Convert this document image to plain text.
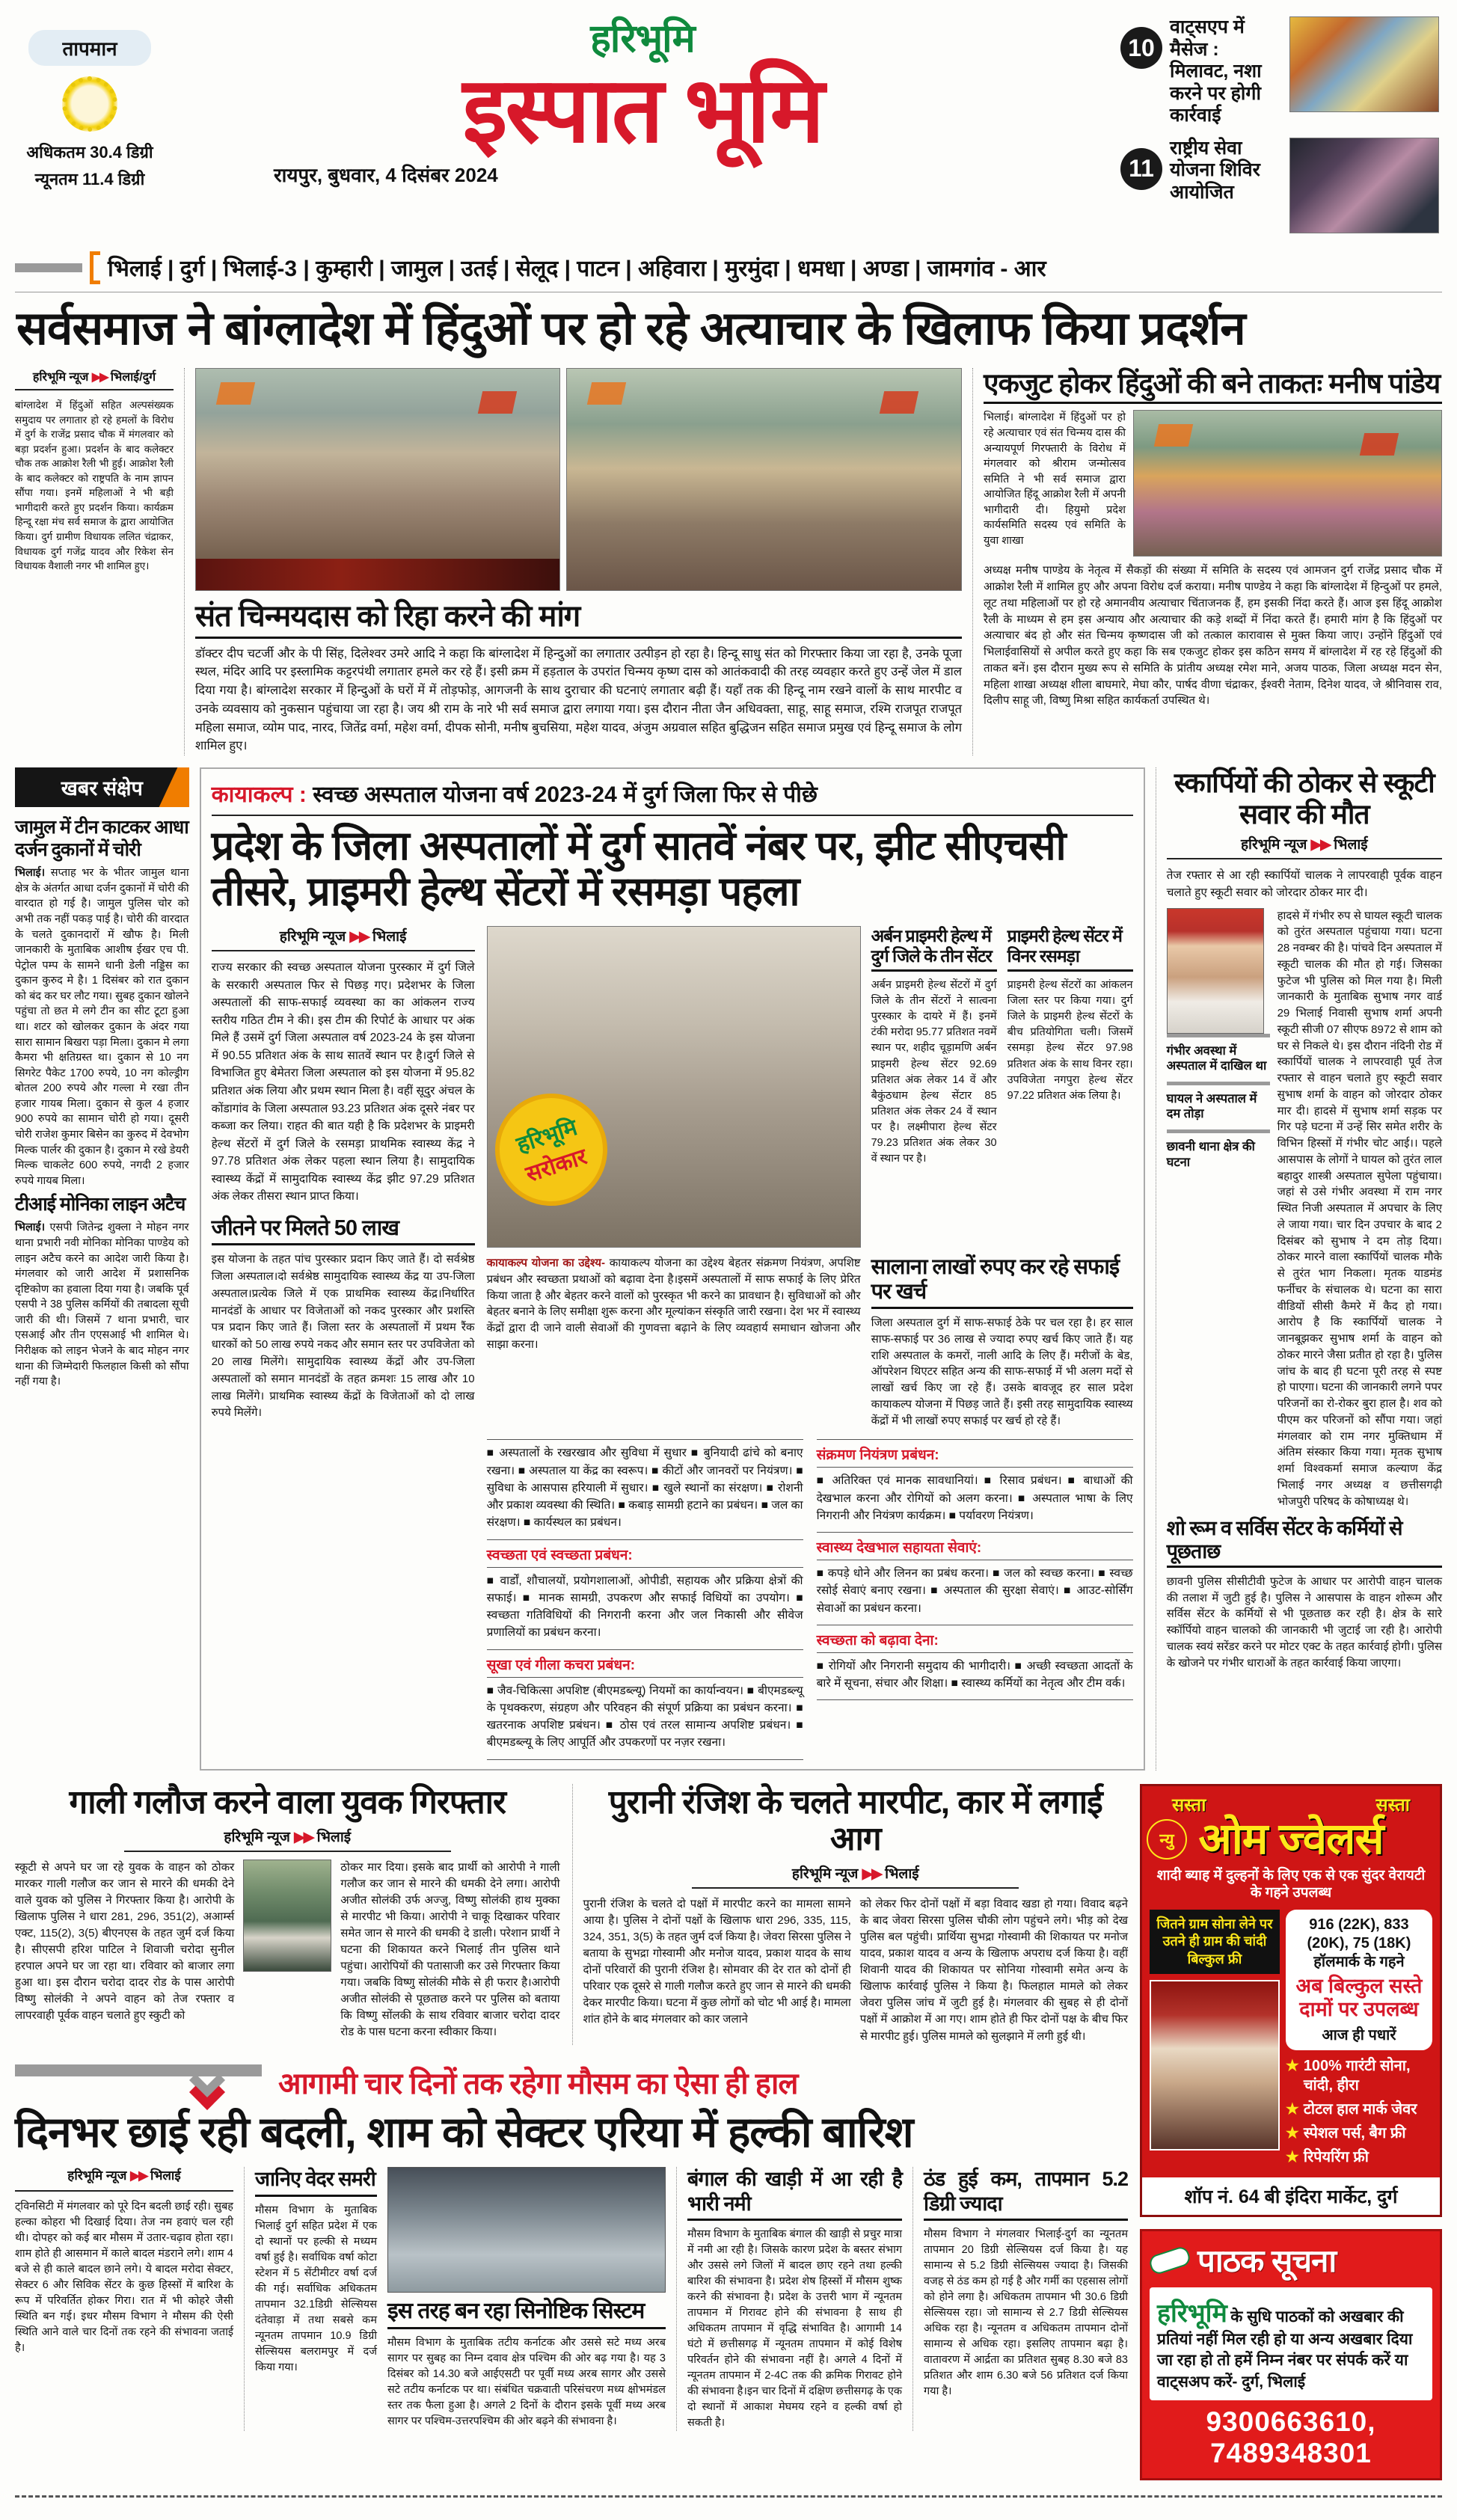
तापमान
अधिकतम 30.4 डिग्री
न्यूनतम 11.4 डिग्री
हरिभूमि
इस्पात भूमि
रायपुर, बुधवार, 4 दिसंबर 2024
10
वाट्सएप में मैसेज : मिलावट, नशा करने पर होगी कार्रवाई
11
राष्ट्रीय सेवा योजना शिविर आयोजित
भिलाई | दुर्ग | भिलाई-3 | कुम्हारी | जामुल | उतई | सेलूद | पाटन | अहिवारा | मुरमुंदा | धमधा | अण्डा | जामगांव - आर
सर्वसमाज ने बांग्लादेश में हिंदुओं पर हो रहे अत्याचार के खिलाफ किया प्रदर्शन
हरिभूमि न्यूज ▶▶ भिलाई/दुर्ग

बांग्लादेश में हिंदुओं सहित अल्पसंख्यक समुदाय पर लगातार हो रहे हमलों के विरोध में दुर्ग के राजेंद्र प्रसाद चौक में मंगलवार को बड़ा प्रदर्शन हुआ। प्रदर्शन के बाद कलेक्टर चौक तक आक्रोश रैली भी हुई। आक्रोश रैली के बाद कलेक्टर को राष्ट्रपति के नाम ज्ञापन सौंपा गया। इनमें महिलाओं ने भी बड़ी भागीदारी करते हुए प्रदर्शन किया। कार्यक्रम हिन्दू रक्षा मंच सर्व समाज के द्वारा आयोजित किया। दुर्ग ग्रामीण विधायक ललित चंद्राकर, विधायक दुर्ग गजेंद्र यादव और रिकेश सेन विधायक वैशाली नगर भी शामिल हुए।

संत चिन्मयदास को रिहा करने की मांग

डॉक्टर दीप चटर्जी और के पी सिंह, दिलेश्वर उमरे आदि ने कहा कि बांग्लादेश में हिन्दुओं का लगातार उत्पीड़न हो रहा है। हिन्दू साधु संत को गिरफ्तार किया जा रहा है, उनके पूजा स्थल, मंदिर आदि पर इस्लामिक कट्टरपंथी लगातार हमले कर रहे हैं। इसी क्रम में हड़ताल के उपरांत चिन्मय कृष्ण दास को आतंकवादी की तरह व्यवहार करते हुए उन्हें जेल में डाल दिया गया है। बांग्लादेश सरकार में हिन्दुओं के घरों में में तोड़फोड़, आगजनी के साथ दुराचार की घटनाएं लगातार बढ़ी हैं। यहाँ तक की हिन्दू नाम रखने वालों के साथ मारपीट व उनके व्यवसाय को नुकसान पहुंचाया जा रहा है। जय श्री राम के नारे भी सर्व समाज द्वारा लगाया गया। इस दौरान नीता जैन अधिवक्ता, साहू, साहू समाज, रश्मि राजपूत राजपूत महिला समाज, व्योम पाद, नारद, जितेंद्र वर्मा, महेश वर्मा, दीपक सोनी, मनीष बुचसिया, महेश यादव, अंजुम अग्रवाल सहित बुद्धिजन सहित समाज प्रमुख एवं हिन्दू समाज के लोग शामिल हुए।

एकजुट होकर हिंदुओं की बने ताकतः मनीष पांडेय

भिलाई। बांग्लादेश में हिंदुओं पर हो रहे अत्याचार एवं संत चिन्मय दास की अन्यायपूर्ण गिरफ्तारी के विरोध में मंगलवार को श्रीराम जन्मोत्सव समिति ने भी सर्व समाज द्वारा आयोजित हिंदू आक्रोश रैली में अपनी भागीदारी दी। हियुमो प्रदेश कार्यसमिति सदस्य एवं समिति के युवा शाखा

अध्यक्ष मनीष पाण्डेय के नेतृत्व में सैकड़ों की संख्या में समिति के सदस्य एवं आमजन दुर्ग राजेंद्र प्रसाद चौक में आक्रोश रैली में शामिल हुए और अपना विरोध दर्ज कराया। मनीष पाण्डेय ने कहा कि बांग्लादेश में हिन्दुओं पर हमले, लूट तथा महिलाओं पर हो रहे अमानवीय अत्याचार चिंताजनक हैं, हम इसकी निंदा करते हैं। आज इस हिंदू आक्रोश रैली के माध्यम से हम इस अन्याय और अत्याचार की कड़े शब्दों में निंदा करते हैं। हमारी मांग है कि हिंदुओं पर अत्याचार बंद हो और संत चिन्मय कृष्णदास जी को तत्काल कारावास से मुक्त किया जाए। उन्होंने हिंदुओं एवं भिलाईवासियों से अपील करते हुए कहा कि सब एकजुट होकर इस कठिन समय में बांग्लादेश में रह रहे हिंदुओं की ताकत बनें। इस दौरान मुख्य रूप से समिति के प्रांतीय अध्यक्ष रमेश माने, अजय पाठक, जिला अध्यक्ष मदन सेन, महिला शाखा अध्यक्ष शीला बाघमारे, मेघा कौर, पार्षद वीणा चंद्राकर, ईश्वरी नेताम, दिनेश यादव, जे श्रीनिवास राव, दिलीप साहू जी, विष्णु मिश्रा सहित कार्यकर्ता उपस्थित थे।

खबर संक्षेप
जामुल में टीन काटकर आधा दर्जन दुकानों में चोरी

भिलाई। सप्ताह भर के भीतर जामुल थाना क्षेत्र के अंतर्गत आधा दर्जन दुकानों में चोरी की वारदात हो गई है। जामुल पुलिस चोर को अभी तक नहीं पकड़ पाई है। चोरी की वारदात के चलते दुकानदारों में खौफ है। मिली जानकारी के मुताबिक आशीष ईखर एच पी. पेट्रोल पम्प के सामने धानी डेली नड्डिस का दुकान कुरुद मे है। 1 दिसंबर को रात दुकान को बंद कर घर लौट गया। सुबह दुकान खोलने पहुंचा तो छत मे लगे टीन का सीट टूटा हुआ था। शटर को खोलकर दुकान के अंदर गया सारा सामान बिखरा पड़ा मिला। दुकान मे लगा कैमरा भी क्षतिग्रस्त था। दुकान से 10 नग सिगरेट पैकेट 1700 रुपये, 10 नग कोल्ड्रीग बोतल 200 रुपये और गल्ला मे रखा तीन हजार गायब मिला। दुकान से कुल 4 हजार 900 रुपये का सामान चोरी हो गया। दूसरी चोरी राजेश कुमार बिसेन का कुरुद में देवभोग मिल्क पार्लर की दुकान है। दुकान मे रखे डेयरी मिल्क चाकलेट 600 रुपये, नगदी 2 हजार रुपये गायब मिला।

टीआई मोनिका लाइन अटैच

भिलाई। एसपी जितेन्द्र शुक्ला ने मोहन नगर थाना प्रभारी नवी मोनिका मोनिका पाण्डेय को लाइन अटैच करने का आदेश जारी किया है। मंगलवार को जारी आदेश में प्रशासनिक दृष्टिकोण का हवाला दिया गया है। जबकि पूर्व एसपी ने 38 पुलिस कर्मियों की तबादला सूची जारी की थी। जिसमें 7 थाना प्रभारी, चार एसआई और तीन एएसआई भी शामिल थे। निरीक्षक को लाइन भेजने के बाद मोहन नगर थाना की जिम्मेदारी फिलहाल किसी को सौंपा नहीं गया है।

कायाकल्प : स्वच्छ अस्पताल योजना वर्ष 2023-24 में दुर्ग जिला फिर से पीछे
प्रदेश के जिला अस्पतालों में दुर्ग सातवें नंबर पर, झीट सीएचसी तीसरे, प्राइमरी हेल्थ सेंटरों में रसमड़ा पहला
हरिभूमि न्यूज ▶▶ भिलाई

राज्य सरकार की स्वच्छ अस्पताल योजना पुरस्कार में दुर्ग जिले के सरकारी अस्पताल फिर से पिछड़ गए। प्रदेशभर के जिला अस्पतालों की साफ-सफाई व्यवस्था का का आंकलन राज्य स्तरीय गठित टीम ने की। इस टीम की रिपोर्ट के आधार पर अंक मिले हैं उसमें दुर्ग जिला अस्पताल वर्ष 2023-24 के इस योजना में 90.55 प्रतिशत अंक के साथ सातवें स्थान पर है।दुर्ग जिले से विभाजित हुए बेमेतरा जिला अस्पताल को इस योजना में 95.82 प्रतिशत अंक लिया और प्रथम स्थान मिला है। वहीं सूदुर अंचल के कोंडागांव के जिला अस्पताल 93.23 प्रतिशत अंक दूसरे नंबर पर कब्जा कर लिया। राहत की बात यही है कि प्रदेशभर के प्राइमरी हेल्थ सेंटरों में दुर्ग जिले के रसमड़ा प्राथमिक स्वास्थ्य केंद्र ने 97.78 प्रतिशत अंक लेकर पहला स्थान लिया है। सामुदायिक स्वास्थ्य केंद्रों में सामुदायिक स्वास्थ्य केंद्र झीट 97.29 प्रतिशत अंक लेकर तीसरा स्थान प्राप्त किया।

जीतने पर मिलते 50 लाख

इस योजना के तहत पांच पुरस्कार प्रदान किए जाते हैं। दो सर्वश्रेष्ठ जिला अस्पताल।दो सर्वश्रेष्ठ सामुदायिक स्वास्थ्य केंद्र या उप-जिला अस्पताल।प्रत्येक जिले में एक प्राथमिक स्वास्थ्य केंद्र।निर्धारित मानदंडों के आधार पर विजेताओं को नकद पुरस्कार और प्रशस्ति पत्र प्रदान किए जाते हैं। जिला स्तर के अस्पतालों में प्रथम रैंक धारकों को 50 लाख रुपये नकद और समान स्तर पर उपविजेता को 20 लाख मिलेंगे। सामुदायिक स्वास्थ्य केंद्रों और उप-जिला अस्पतालों को समान मानदंडों के तहत क्रमशः 15 लाख और 10 लाख मिलेंगे। प्राथमिक स्वास्थ्य केंद्रों के विजेताओं को दो लाख रुपये मिलेंगे।

हरिभूमि
सरोकार
अर्बन प्राइमरी हेल्थ में दुर्ग जिले के तीन सेंटर

अर्बन प्राइमरी हेल्थ सेंटरों में दुर्ग जिले के तीन सेंटरों ने सात्वना पुरस्कार के दायरे में हैं। इनमें टंकी मरोदा 95.77 प्रतिशत नवमें स्थान पर, शहीद चूड़ामणि अर्बन प्राइमरी हेल्थ सेंटर 92.69 प्रतिशत अंक लेकर 14 वें और बैकुंठधाम हेल्थ सेंटार 85 प्रतिशत अंक लेकर 24 वें स्थान पर है। लक्ष्मीपारा हेल्थ सेंटर 79.23 प्रतिशत अंक लेकर 30 वें स्थान पर है।

प्राइमरी हेल्थ सेंटर में विनर रसमड़ा

प्राइमरी हेल्थ सेंटरों का आंकलन जिला स्तर पर किया गया। दुर्ग जिले के प्राइमरी हेल्थ सेंटरों के बीच प्रतियोगिता चली। जिसमें रसमड़ा हेल्थ सेंटर 97.98 प्रतिशत अंक के साथ विनर रहा। उपविजेता नगपुरा हेल्थ सेंटर 97.22 प्रतिशत अंक लिया है।

कायाकल्प योजना का उद्देश्य- कायाकल्प योजना का उद्देश्य बेहतर संक्रमण नियंत्रण, अपशिष्ट प्रबंधन और स्वच्छता प्रथाओं को बढ़ावा देना है।इसमें अस्पतालों में साफ सफाई के लिए प्रेरित किया जाता है और बेहतर करने वालों को पुरस्कृत भी करने का प्रावधान है। सुविधाओं को और बेहतर बनाने के लिए समीक्षा शुरू करना और मूल्यांकन संस्कृति जारी रखना। देश भर में स्वास्थ्य केंद्रों द्वारा दी जाने वाली सेवाओं की गुणवत्ता बढ़ाने के लिए व्यवहार्य समाधान खोजना और साझा करना।

सालाना लाखों रुपए कर रहे सफाई पर खर्च

जिला अस्पताल दुर्ग में साफ-सफाई ठेके पर चल रहा है। हर साल साफ-सफाई पर 36 लाख से ज्यादा रुपए खर्च किए जाते हैं। यह राशि अस्पताल के कमरों, नाली आदि के लिए हैं। मरीजों के बेड, ऑपरेशन थिएटर सहित अन्य की साफ-सफाई में भी अलग मदों से लाखों खर्च किए जा रहे हैं। उसके बावजूद हर साल प्रदेश कायाकल्प योजना में पिछड़ जाते हैं। इसी तरह सामुदायिक स्वास्थ्य केंद्रों में भी लाखों रुपए सफाई पर खर्च हो रहे हैं।

■ अस्पतालों के रखरखाव और सुविधा में सुधार ■ बुनियादी ढांचे को बनाए रखना। ■ अस्पताल या केंद्र का स्वरूप। ■ कीटों और जानवरों पर नियंत्रण। ■ सुविधा के आसपास हरियाली में सुधार। ■ खुले स्थानों का संरक्षण। ■ रोशनी और प्रकाश व्यवस्था की स्थिति। ■ कबाड़ सामग्री हटाने का प्रबंधन। ■ जल का संरक्षण। ■ कार्यस्थल का प्रबंधन।

स्वच्छता एवं स्वच्छता प्रबंधन:

■ वार्डों, शौचालयों, प्रयोगशालाओं, ओपीडी, सहायक और प्रक्रिया क्षेत्रों की सफाई। ■ मानक सामग्री, उपकरण और सफाई विधियों का उपयोग। ■ स्वच्छता गतिविधियों की निगरानी करना और जल निकासी और सीवेज प्रणालियों का प्रबंधन करना।

सूखा एवं गीला कचरा प्रबंधन:

■ जैव-चिकित्सा अपशिष्ट (बीएमडब्ल्यू) नियमों का कार्यान्वयन। ■ बीएमडब्ल्यू के पृथक्करण, संग्रहण और परिवहन की संपूर्ण प्रक्रिया का प्रबंधन करना। ■ खतरनाक अपशिष्ट प्रबंधन। ■ ठोस एवं तरल सामान्य अपशिष्ट प्रबंधन। ■ बीएमडब्ल्यू के लिए आपूर्ति और उपकरणों पर नज़र रखना।

संक्रमण नियंत्रण प्रबंधन:

■ अतिरिक्त एवं मानक सावधानियां। ■ रिसाव प्रबंधन। ■ बाधाओं की देखभाल करना और रोगियों को अलग करना। ■ अस्पताल भाषा के लिए निगरानी और नियंत्रण कार्यक्रम। ■ पर्यावरण नियंत्रण।

स्वास्थ्य देखभाल सहायता सेवाएं:

■ कपड़े धोने और लिनन का प्रबंध करना। ■ जल को स्वच्छ करना। ■ स्वच्छ रसोई सेवाएं बनाए रखना। ■ अस्पताल की सुरक्षा सेवाएं। ■ आउट-सोर्सिंग सेवाओं का प्रबंधन करना।

स्वच्छता को बढ़ावा देना:

■ रोगियों और निगरानी समुदाय की भागीदारी। ■ अच्छी स्वच्छता आदतों के बारे में सूचना, संचार और शिक्षा। ■ स्वास्थ्य कर्मियों का नेतृत्व और टीम वर्क।

स्कार्पियों की ठोकर से स्कूटी सवार की मौत
हरिभूमि न्यूज ▶▶ भिलाई

तेज रफ्तार से आ रही स्कार्पियों चालक ने लापरवाही पूर्वक वाहन चलाते हुए स्कूटी सवार को जोरदार ठोकर मार दी।

गंभीर अवस्था में अस्पताल में दाखिल था
घायल ने अस्पताल में दम तोड़ा
छावनी थाना क्षेत्र की घटना

हादसे में गंभीर रुप से घायल स्कूटी चालक को तुरंत अस्पताल पहुंचाया गया। घटना 28 नवम्बर की है। पांचवे दिन अस्पताल में स्कूटी चालक की मौत हो गई। जिसका फुटेज भी पुलिस को मिल गया है। मिली जानकारी के मुताबिक सुभाष नगर वार्ड 29 भिलाई निवासी सुभाष शर्मा अपनी स्कूटी सीजी 07 सीएफ 8972 से शाम को घर से निकले थे। इस दौरान नंदिनी रोड में स्कार्पियों चालक ने लापरवाही पूर्व तेज रफ्तार से वाहन चलाते हुए स्कूटी सवार सुभाष शर्मा के वाहन को जोरदार ठोकर मार दी। हादसे में सुभाष शर्मा सड़क पर गिर पड़े घटना में उन्हें सिर समेत शरीर के विभिन हिस्सों में गंभीर चोट आई।। पहले आसपास के लोगों ने घायल को तुरंत लाल बहादुर शास्त्री अस्पताल सुपेला पहुंचाया। जहां से उसे गंभीर अवस्था में राम नगर स्थित निजी अस्पताल में अपचार के लिए ले जाया गया। चार दिन उपचार के बाद 2 दिसंबर को सुभाष ने दम तोड़ दिया। ठोकर मारने वाला स्कार्पियों चालक मौके से तुरंत भाग निकला। मृतक याडमंड फर्नीचर के संचालक थे। घटना का सारा वीडियों सीसी कैमरे में कैद हो गया। आरोप है कि स्कार्पियों चालक ने जानबूझकर सुभाष शर्मा के वाहन को ठोकर मारने जैसा प्रतीत हो रहा है। पुलिस जांच के बाद ही घटना पूरी तरह से स्पष्ट हो पाएगा। घटना की जानकारी लगने पपर परिजनों का रो-रोकर बुरा हाल है। शव को पीएम कर परिजनों को सौंपा गया। जहां मंगलवार को राम नगर मुक्तिधाम में अंतिम संस्कार किया गया। मृतक सुभाष शर्मा विश्वकर्मा समाज कल्याण केंद्र भिलाई नगर अध्यक्ष व छत्तीसगढ़ी भोजपुरी परिषद के कोषाध्यक्ष थे।

शो रूम व सर्विस सेंटर के कर्मियों से पूछताछ

छावनी पुलिस सीसीटीवी फुटेज के आधार पर आरोपी वाहन चालक की तलाश में जुटी हुई है। पुलिस ने आसपास के वाहन शोरूम और सर्विस सेंटर के कर्मियों से भी पूछताछ कर रही है। क्षेत्र के सारे स्कॉर्पियो वाहन चालको की जानकारी भी जुटाई जा रही है। आरोपी चालक स्वयं सरेंडर करने पर मोटर एक्ट के तहत कार्रवाई होगी। पुलिस के खोजने पर गंभीर धाराओं के तहत कार्रवाई किया जाएगा।

गाली गलौज करने वाला युवक गिरफ्तार
हरिभूमि न्यूज ▶▶ भिलाई

स्कूटी से अपने घर जा रहे युवक के वाहन को ठोकर मारकर गाली गलौज कर जान से मारने की धमकी देने वाले युवक को पुलिस ने गिरफ्तार किया है। आरोपी के खिलाफ पुलिस ने धारा 281, 296, 351(2), अआर्म्स एक्ट, 115(2), 3(5) बीएनएस के तहत जुर्म दर्ज किया है। सीएसपी हरिश पाटिल ने शिवाजी चरोदा सुनील हरपाल अपने घर जा रहा था। रविवार को बाजार लगा हुआ था। इस दौरान चरोदा दादर रोड के पास आरोपी विष्णु सोलंकी ने अपने वाहन को तेज रफ्तार व लापरवाही पूर्वक वाहन चलाते हुए स्कुटी को

ठोकर मार दिया। इसके बाद प्रार्थी को आरोपी ने गाली गलौज कर जान से मारने की धमकी देने लगा। आरोपी अजीत सोलंकी उर्फ अज्जु, विष्णु सोलंकी हाथ मुक्का से मारपीट भी किया। आरोपी ने चाकू दिखाकर परिवार समेत जान से मारने की धमकी दे डाली। परेशान प्रार्थी ने घटना की शिकायत करने भिलाई तीन पुलिस थाने पहुंचा। आरोपियों की पतासाजी कर उसे गिरफ्तार किया गया। जबकि विष्णु सोलंकी मौके से ही फरार है।आरोपी अजीत सोलंकी से पूछताछ करने पर पुलिस को बताया कि विष्णु सोंलकी के साथ रविवार बाजार चरोदा दादर रोड के पास घटना करना स्वीकार किया।

पुरानी रंजिश के चलते मारपीट, कार में लगाई आग
हरिभूमि न्यूज ▶▶ भिलाई

पुरानी रंजिश के चलते दो पक्षों में मारपीट करने का मामला सामने आया है। पुलिस ने दोनों पक्षों के खिलाफ धारा 296, 335, 115, 324, 351, 3(5) के तहत जुर्म दर्ज किया है। जेवरा सिरसा पुलिस ने बताया के सुभद्रा गोस्वामी और मनोज यादव, प्रकाश यादव के साथ दोनों परिवारों की पुरानी रंजिश है। सोमवार की देर रात को दोनों ही परिवार एक दूसरे से गाली गलौज करते हुए जान से मारने की धमकी देकर मारपीट किया। घटना में कुछ लोगों को चोट भी आई है। मामला शांत होने के बाद मंगलवार को कार जलाने

को लेकर फिर दोनों पक्षों में बड़ा विवाद खडा हो गया। विवाद बढ़ने के बाद जेवरा सिरसा पुलिस चौकी लोग पहुंचने लगे। भीड़ को देख पुलिस बल पहुंची। प्रार्थिया सुभद्रा गोस्वामी की शिकायत पर मनोज यादव, प्रकाश यादव व अन्य के खिलाफ अपराध दर्ज किया है। वहीं शिवानी यादव की शिकायत पर सोनिया गोस्वामी समेत अन्य के खिलाफ कार्रवाई पुलिस ने किया है। फिलहाल मामले को लेकर जेवरा पुलिस जांच में जुटी हुई है। मंगलवार की सुबह से ही दोनों पक्षों में आक्रोश में आ गए। शाम होते ही फिर दोनों पक्ष के बीच फिर से मारपीट हुई। पुलिस मामले को सुलझाने में लगी हुई थी।

आगामी चार दिनों तक रहेगा मौसम का ऐसा ही हाल
दिनभर छाई रही बदली, शाम को सेक्टर एरिया में हल्की बारिश
हरिभूमि न्यूज ▶▶ भिलाई

ट्विनसिटी में मंगलवार को पूरे दिन बदली छाई रही। सुबह हल्का कोहरा भी दिखाई दिया। तेज नम हवाएं चल रही थी। दोपहर को कई बार मौसम में उतार-चढ़ाव होता रहा। शाम होते ही आसमान में काले बादल मंडराने लगे। शाम 4 बजे से ही काले बादल छाने लगे। ये बादल मरोदा सेक्टर, सेक्टर 6 और सिविक सेंटर के कुछ हिस्सों में बारिश के रूप में परिवर्तित होकर गिरा। रात में भी कोहरे जैसी स्थिति बन गई। इधर मौसम विभाग ने मौसम की ऐसी स्थिति आने वाले चार दिनों तक रहने की संभावना जताई है।

जानिए वेदर समरी

मौसम विभाग के मुताबिक भिलाई दुर्ग सहित प्रदेश में एक दो स्थानों पर हल्की से मध्यम वर्षा हुई है। सर्वाधिक वर्षा कोटा स्टेशन में 5 सेंटीमीटर वर्षा दर्ज की गई। सर्वाधिक अधिकतम तापमान 32.1डिग्री सेल्सियस दंतेवाड़ा में तथा सबसे कम न्यूनतम तापमान 10.9 डिग्री सेल्सियस बलरामपुर में दर्ज किया गया।

इस तरह बन रहा सिनोष्टिक सिस्टम

मौसम विभाग के मुताबिक तटीय कर्नाटक और उससे सटे मध्य अरब सागर पर सुबह का निम्न दवाव क्षेत्र पश्चिम की ओर बढ़ गया है। यह 3 दिसंबर को 14.30 बजे आईएसटी पर पूर्वी मध्य अरब सागर और उससे सटे तटीय कर्नाटक पर था। संबंधित चक्रवाती परिसंचरण मध्य क्षोभमंडल स्तर तक फैला हुआ है। अगले 2 दिनों के दौरान इसके पूर्वी मध्य अरब सागर पर पश्चिम-उत्तरपश्चिम की ओर बढ़ने की संभावना है।

बंगाल की खाड़ी में आ रही है भारी नमी

मौसम विभाग के मुताबिक बंगाल की खाड़ी से प्रचुर मात्रा में नमी आ रही है। जिसके कारण प्रदेश के बस्तर संभाग और उससे लगे जिलों में बादल छाए रहने तथा हल्की बारिश की संभावना है। प्रदेश शेष हिस्सों में मौसम शुष्क करने की संभावना है। प्रदेश के उत्तरी भाग में न्यूनतम तापमान में गिरावट होने की संभावना है साथ ही अधिकतम तापमान में वृद्धि संभावित है। आगामी 14 घंटो में छत्तीसगढ़ में न्यूनतम तापमान में कोई विशेष परिवर्तन होने की संभावना नहीं है। अगले 4 दिनों में न्यूनतम तापमान में 2-4C तक की क्रमिक गिरावट होने की संभावना है।इन चार दिनों में दक्षिण छत्तीसगढ़ के एक दो स्थानों में आकाश मेघमय रहने व हल्की वर्षा हो सकती है।

ठंड हुई कम, तापमान 5.2 डिग्री ज्यादा

मौसम विभाग ने मंगलवार भिलाई-दुर्ग का न्यूनतम तापमान 20 डिग्री सेल्सियस दर्ज किया है। यह सामान्य से 5.2 डिग्री सेल्सियस ज्यादा है। जिसकी वजह से ठंड कम हो गई है और गर्मी का एहसास लोगों को होने लगा है। अधिकतम तापमान भी 30.6 डिग्री सेल्सियस रहा। जो सामान्य से 2.7 डिग्री सेल्सियस अधिक रहा है। न्यूनतम व अधिकतम तापमान दोनों सामान्य से अधिक रहा। इसलिए तापमान बढ़ा है। वातावरण में आर्द्रता का प्रतिशत सुबह 8.30 बजे 83 प्रतिशत और शाम 6.30 बजे 56 प्रतिशत दर्ज किया गया है।

सस्ता	सस्ता
न्यु ओम ज्वेलर्स
शादी ब्याह में दुल्हनों के लिए एक से एक सुंदर वेरायटी के गहने उपलब्ध
जितने ग्राम सोना लेने पर उतने ही ग्राम की चांदी बिल्कुल फ्री
916 (22K), 833 (20K), 75 (18K) हॉलमार्क के गहने
अब बिल्कुल सस्ते दामों पर उपलब्ध
आज ही पधारें
★ 100% गारंटी सोना, चांदी, हीरा
★ टोटल हाल मार्क जेवर
★ स्पेशल पर्स, बैग फ्री
★ रिपेयरिंग फ्री
शॉप नं. 64 बी इंदिरा मार्केट, दुर्ग
पाठक सूचना
हरिभूमि के सुधि पाठकों को अखबार की प्रतियां नहीं मिल रही हो या अन्य अखबार दिया जा रहा हो तो हमें निम्न नंबर पर संपर्क करें या वाट्सअप करें- दुर्ग, भिलाई
9300663610, 7489348301
